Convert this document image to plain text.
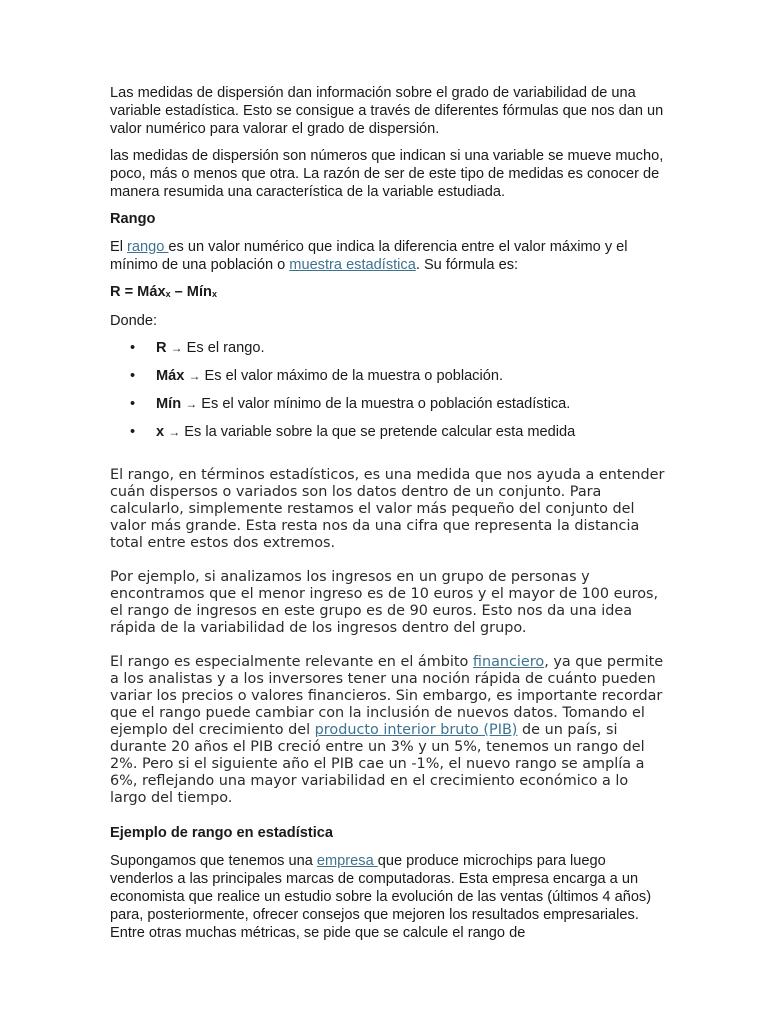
Las medidas de dispersión dan información sobre el grado de variabilidad de una variable estadística. Esto se consigue a través de diferentes fórmulas que nos dan un valor numérico para valorar el grado de dispersión.

las medidas de dispersión son números que indican si una variable se mueve mucho, poco, más o menos que otra. La razón de ser de este tipo de medidas es conocer de manera resumida una característica de la variable estudiada.

Rango

El rango es un valor numérico que indica la diferencia entre el valor máximo y el mínimo de una población o muestra estadística. Su fórmula es:

R = Máx$_x$ – Mín$_x$

Donde:

• R → Es el rango.
• Máx → Es el valor máximo de la muestra o población.
• Mín → Es el valor mínimo de la muestra o población estadística.
• x → Es la variable sobre la que se pretende calcular esta medida

El rango, en términos estadísticos, es una medida que nos ayuda a entender cuán dispersos o variados son los datos dentro de un conjunto. Para calcularlo, simplemente restamos el valor más pequeño del conjunto del valor más grande. Esta resta nos da una cifra que representa la distancia total entre estos dos extremos.

Por ejemplo, si analizamos los ingresos en un grupo de personas y encontramos que el menor ingreso es de 10 euros y el mayor de 100 euros, el rango de ingresos en este grupo es de 90 euros. Esto nos da una idea rápida de la variabilidad de los ingresos dentro del grupo.

El rango es especialmente relevante en el ámbito financiero, ya que permite a los analistas y a los inversores tener una noción rápida de cuánto pueden variar los precios o valores financieros. Sin embargo, es importante recordar que el rango puede cambiar con la inclusión de nuevos datos. Tomando el ejemplo del crecimiento del producto interior bruto (PIB) de un país, si durante 20 años el PIB creció entre un 3% y un 5%, tenemos un rango del 2%. Pero si el siguiente año el PIB cae un -1%, el nuevo rango se amplía a 6%, reflejando una mayor variabilidad en el crecimiento económico a lo largo del tiempo.

Ejemplo de rango en estadística

Supongamos que tenemos una empresa que produce microchips para luego venderlos a las principales marcas de computadoras. Esta empresa encarga a un economista que realice un estudio sobre la evolución de las ventas (últimos 4 años) para, posteriormente, ofrecer consejos que mejoren los resultados empresariales. Entre otras muchas métricas, se pide que se calcule el rango de
